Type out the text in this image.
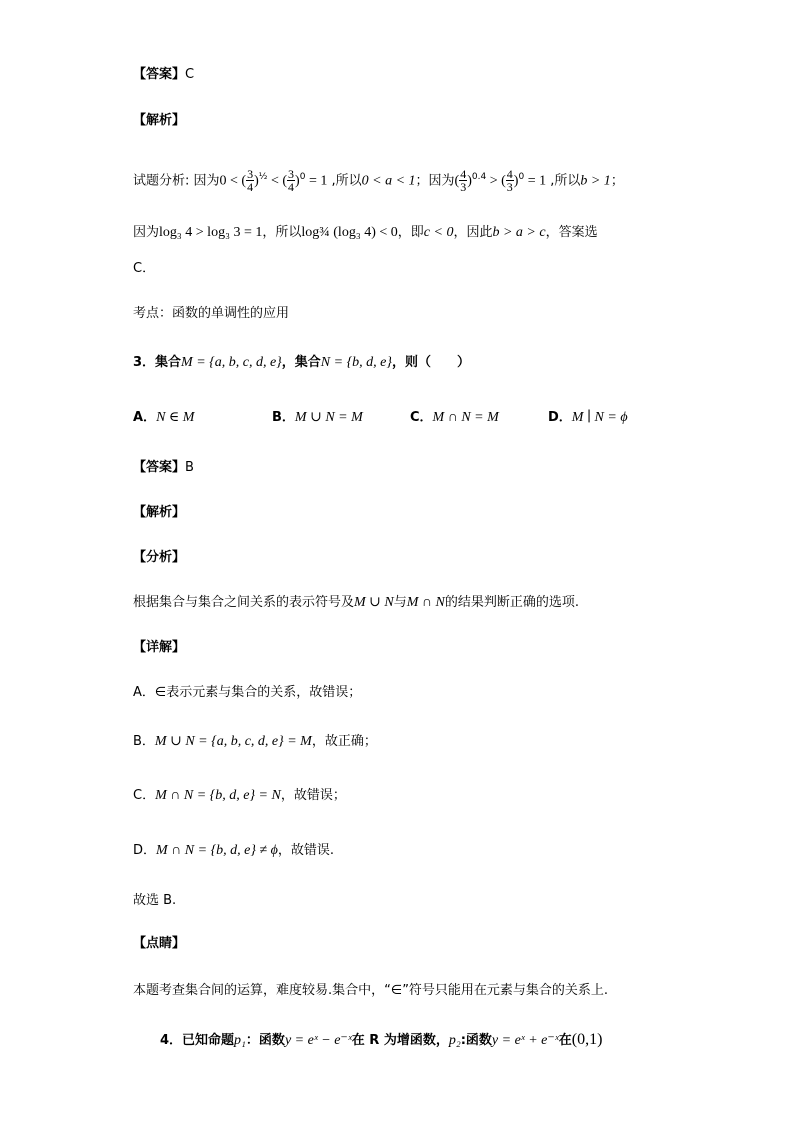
【答案】C
【解析】
试题分析: 因为0 < ( $\frac{3}{4} )^{\frac{1}{2}}$ < ( $\frac{3}{4} )^0 = 1$ ,所以0 < a < 1；因为( $\frac{4}{3} )^{0.4}$ > ( $\frac{4}{3} )^0 = 1$ ,所以b > 1；
因为log₃ 4 > log₃ 3 = 1，所以log¾ (log₃ 4) < 0，即c < 0，因此b > a > c，答案选
C．
考点：函数的单调性的应用
3．集合M = {a, b, c, d, e}，集合N = {b, d, e}，则（　　）
A．N ∈ M	B．M ∪ N = M	C．M ∩ N = M	D．M ∣ N = ϕ
【答案】B
【解析】
【分析】
根据集合与集合之间关系的表示符号及M ∪ N与M ∩ N的结果判断正确的选项.
【详解】
A．∈表示元素与集合的关系，故错误；
B．M ∪ N = {a, b, c, d, e} = M，故正确；
C．M ∩ N = {b, d, e} = N，故错误；
D．M ∩ N = {b, d, e} ≠ ϕ，故错误.
故选 B.
【点睛】
本题考查集合间的运算，难度较易.集合中，“∈”符号只能用在元素与集合的关系上.
4．已知命题p₁：函数y = eˣ − e⁻ˣ在 R 为增函数，p₂:函数y = eˣ + e⁻ˣ在(0,1)
